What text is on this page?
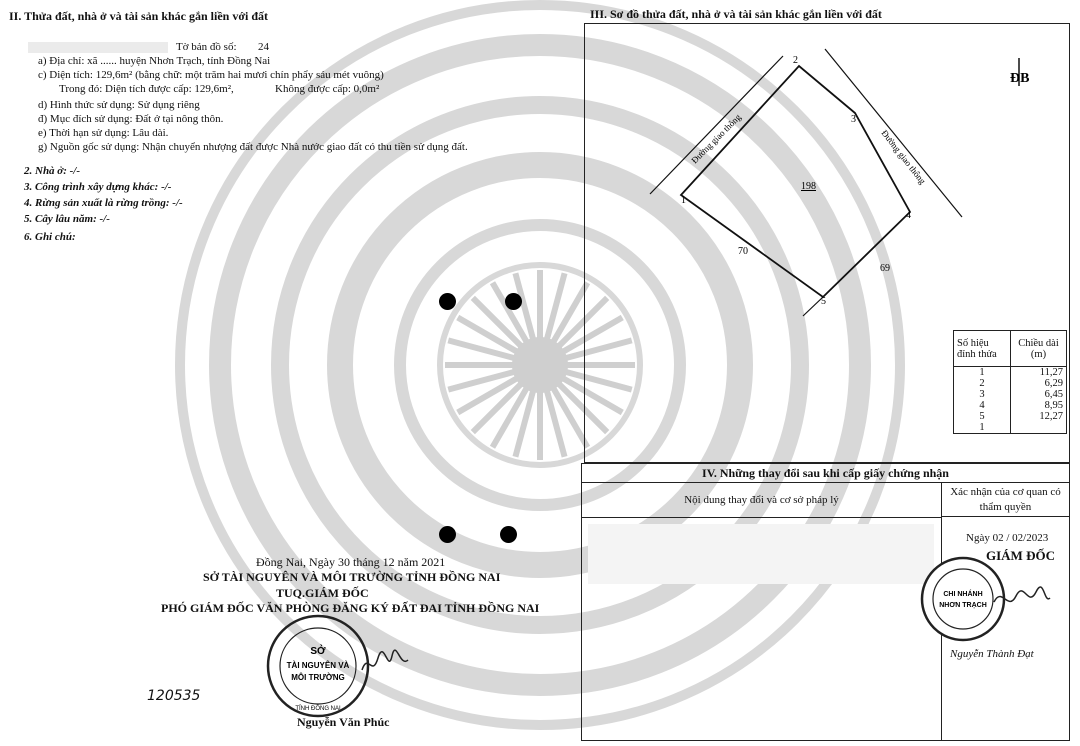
II. Thửa đất, nhà ở và tài sản khác gắn liền với đất
Tờ bản đồ số: 24
a) Địa chỉ: xã ...... huyện Nhơn Trạch, tỉnh Đồng Nai
c) Diện tích: 129,6m² (bằng chữ: một trăm hai mươi chín phẩy sáu mét vuông)
Trong đó: Diện tích được cấp: 129,6m²,	Không được cấp: 0,0m²
d) Hình thức sử dụng: Sử dụng riêng
đ) Mục đích sử dụng: Đất ở tại nông thôn.
e) Thời hạn sử dụng: Lâu dài.
g) Nguồn gốc sử dụng: Nhận chuyển nhượng đất được Nhà nước giao đất có thu tiền sử dụng đất.
2. Nhà ở: -/-
3. Công trình xây dựng khác: -/-
4. Rừng sản xuất là rừng trồng: -/-
5. Cây lâu năm: -/-
6. Ghi chú:
Đồng Nai, Ngày 30 tháng 12 năm 2021
SỞ TÀI NGUYÊN VÀ MÔI TRƯỜNG TỈNH ĐỒNG NAI
TUQ.GIÁM ĐỐC
PHÓ GIÁM ĐỐC VĂN PHÒNG ĐĂNG KÝ ĐẤT ĐAI TỈNH ĐỒNG NAI
SỞ
TÀI NGUYÊN VÀ
MÔI TRƯỜNG
TỈNH ĐỒNG NAI
120535
Nguyễn Văn Phúc
III. Sơ đồ thửa đất, nhà ở và tài sản khác gắn liền với đất
Đường giao thông	Đường giao thông
198
70
69
1
2
3
4
5
ĐB
Số hiệu đỉnh thửa	Chiều dài (m)
1	11,27
2	6,29
3	6,45
4	8,95
5	12,27
1	
IV. Những thay đổi sau khi cấp giấy chứng nhận
Nội dung thay đổi và cơ sở pháp lý
Xác nhận của cơ quan có thẩm quyền
Ngày 02 / 02/2023
GIÁM ĐỐC
CHI NHÁNH
NHƠN TRẠCH
Nguyễn Thành Đạt
